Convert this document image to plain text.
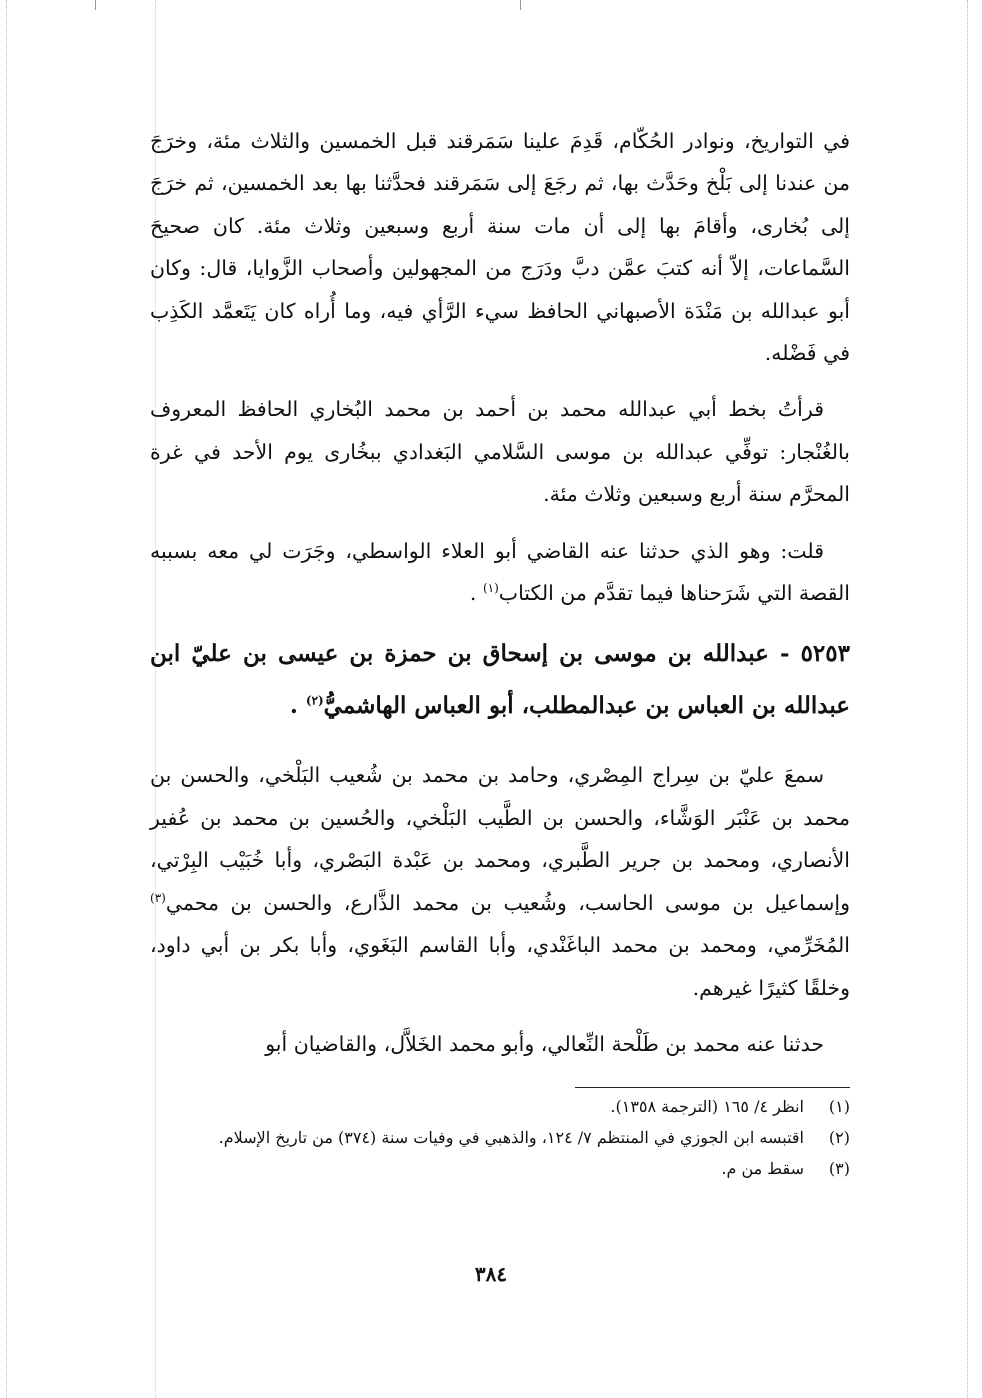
في التواريخ، ونوادر الحُكّام، قَدِمَ علينا سَمَرقند قبل الخمسين والثلاث مئة، وخرَجَ من عندنا إلى بَلْخ وحَدَّث بها، ثم رجَعَ إلى سَمَرقند فحدَّثنا بها بعد الخمسين، ثم خرَجَ إلى بُخارى، وأقامَ بها إلى أن مات سنة أربع وسبعين وثلاث مئة. كان صحيحَ السَّماعات، إلاّ أنه كتبَ عمَّن دبَّ ودَرَج من المجهولين وأصحاب الزَّوايا، قال: وكان أبو عبدالله بن مَنْدَة الأصبهاني الحافظ سيء الرَّأي فيه، وما أُراه كان يَتَعمَّد الكَذِب في فَضْله.

قرأتُ بخط أبي عبدالله محمد بن أحمد بن محمد البُخاري الحافظ المعروف بالغُنْجار: توفِّي عبدالله بن موسى السَّلامي البَغدادي ببخُارى يوم الأحد في غرة المحرَّم سنة أربع وسبعين وثلاث مئة.

قلت: وهو الذي حدثنا عنه القاضي أبو العلاء الواسطي، وجَرَت لي معه بسببه القصة التي شَرَحناها فيما تقدَّم من الكتاب$^{(١)}$ .

٥٢٥٣ - عبدالله بن موسى بن إسحاق بن حمزة بن عيسى بن عليّ ابن عبدالله بن العباس بن عبدالمطلب، أبو العباس الهاشميُّ$^{(٢)}$ .

سمعَ عليّ بن سِراج المِصْري، وحامد بن محمد بن شُعيب البَلْخي، والحسن بن محمد بن عَنْبَر الوَشَّاء، والحسن بن الطَّيب البَلْخي، والحُسين بن محمد بن عُفير الأنصاري، ومحمد بن جرير الطَّبري، ومحمد بن عَبْدة البَصْري، وأبا خُبَيْب البِرْتي، وإسماعيل بن موسى الحاسب، وشُعيب بن محمد الذَّارع، والحسن بن محمي$^{(٣)}$ المُخَرِّمي، ومحمد بن محمد الباغَنْدي، وأبا القاسم البَغَوي، وأبا بكر بن أبي داود، وخلقًا كثيرًا غيرهم.

حدثنا عنه محمد بن طَلْحة النِّعالي، وأبو محمد الخَلاَّل، والقاضيان أبو

(١)
انظر ٤/ ١٦٥ (الترجمة ١٣٥٨).
(٢)
اقتبسه ابن الجوزي في المنتظم ٧/ ١٢٤، والذهبي في وفيات سنة (٣٧٤) من تاريخ الإسلام.
(٣)
سقط من م.
٣٨٤
